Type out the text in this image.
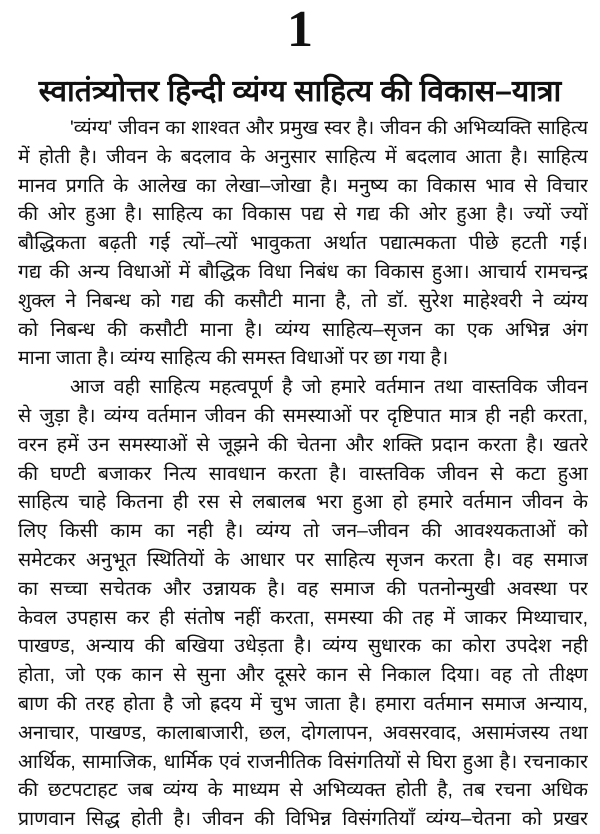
1
स्वातंत्र्योत्तर हिन्दी व्यंग्य साहित्य की विकास–यात्रा
'व्यंग्य' जीवन का शाश्वत और प्रमुख स्वर है। जीवन की अभिव्यक्ति साहित्य
में होती है। जीवन के बदलाव के अनुसार साहित्य में बदलाव आता है। साहित्य
मानव प्रगति के आलेख का लेखा–जोखा है। मनुष्य का विकास भाव से विचार
की ओर हुआ है। साहित्य का विकास पद्य से गद्य की ओर हुआ है। ज्यों ज्यों
बौद्धिकता बढ़ती गई त्यों–त्यों भावुकता अर्थात पद्यात्मकता पीछे हटती गई।
गद्य की अन्य विधाओं में बौद्धिक विधा निबंध का विकास हुआ। आचार्य रामचन्द्र
शुक्ल ने निबन्ध को गद्य की कसौटी माना है, तो डॉ. सुरेश माहेश्वरी ने व्यंग्य
को निबन्ध की कसौटी माना है। व्यंग्य साहित्य–सृजन का एक अभिन्न अंग
माना जाता है। व्यंग्य साहित्य की समस्त विधाओं पर छा गया है।
आज वही साहित्य महत्वपूर्ण है जो हमारे वर्तमान तथा वास्तविक जीवन
से जुड़ा है। व्यंग्य वर्तमान जीवन की समस्याओं पर दृष्टिपात मात्र ही नही करता,
वरन हमें उन समस्याओं से जूझने की चेतना और शक्ति प्रदान करता है। खतरे
की घण्टी बजाकर नित्य सावधान करता है। वास्तविक जीवन से कटा हुआ
साहित्य चाहे कितना ही रस से लबालब भरा हुआ हो हमारे वर्तमान जीवन के
लिए किसी काम का नही है। व्यंग्य तो जन–जीवन की आवश्यकताओं को
समेटकर अनुभूत स्थितियों के आधार पर साहित्य सृजन करता है। वह समाज
का सच्चा सचेतक और उन्नायक है। वह समाज की पतनोन्मुखी अवस्था पर
केवल उपहास कर ही संतोष नहीं करता, समस्या की तह में जाकर मिथ्याचार,
पाखण्ड, अन्याय की बखिया उधेड़ता है। व्यंग्य सुधारक का कोरा उपदेश नही
होता, जो एक कान से सुना और दूसरे कान से निकाल दिया। वह तो तीक्ष्ण
बाण की तरह होता है जो ह्रदय में चुभ जाता है। हमारा वर्तमान समाज अन्याय,
अनाचार, पाखण्ड, कालाबाजारी, छल, दोगलापन, अवसरवाद, असामंजस्य तथा
आर्थिक, सामाजिक, धार्मिक एवं राजनीतिक विसंगतियों से घिरा हुआ है। रचनाकार
की छटपटाहट जब व्यंग्य के माध्यम से अभिव्यक्त होती है, तब रचना अधिक
प्राणवान सिद्ध होती है। जीवन की विभिन्न विसंगतियाँ व्यंग्य–चेतना को प्रखर
